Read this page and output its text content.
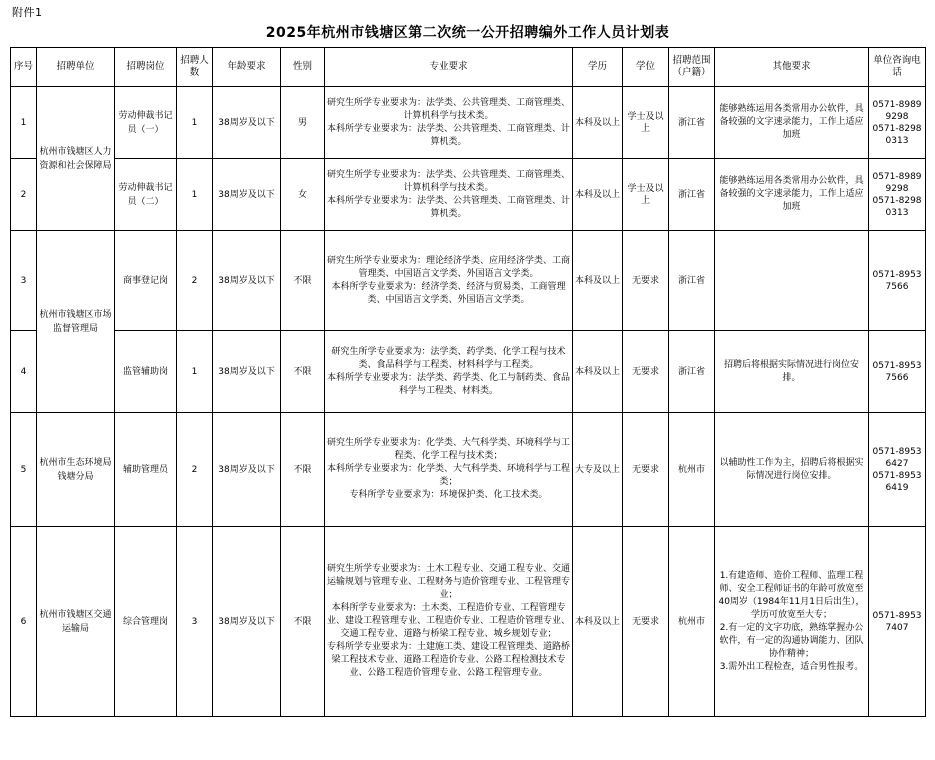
附件1
2025年杭州市钱塘区第二次统一公开招聘编外工作人员计划表
序号	招聘单位	招聘岗位	招聘人数	年龄要求	性别	专业要求	学历	学位	招聘范围（户籍）	其他要求	单位咨询电话
1	杭州市钱塘区人力资源和社会保障局	劳动伸裁书记员（一）	1	38周岁及以下	男	研究生所学专业要求为：法学类、公共管理类、工商管理类、计算机科学与技术类。
本科所学专业要求为：法学类、公共管理类、工商管理类、计算机类。	本科及以上	学士及以上	浙江省	能够熟练运用各类常用办公软件，具备较强的文字速录能力，工作上适应加班	0571-89899298
0571-82980313
2		劳动伸裁书记员（二）	1	38周岁及以下	女	研究生所学专业要求为：法学类、公共管理类、工商管理类、计算机科学与技术类。
本科所学专业要求为：法学类、公共管理类、工商管理类、计算机类。	本科及以上	学士及以上	浙江省	能够熟练运用各类常用办公软件，具备较强的文字速录能力，工作上适应加班	0571-89899298
0571-82980313
3	杭州市钱塘区市场监督管理局	商事登记岗	2	38周岁及以下	不限	研究生所学专业要求为：理论经济学类、应用经济学类、工商管理类、中国语言文学类、外国语言文学类。
本科所学专业要求为：经济学类、经济与贸易类、工商管理类、中国语言文学类、外国语言文学类。	本科及以上	无要求	浙江省		0571-89537566
4		监管辅助岗	1	38周岁及以下	不限	研究生所学专业要求为：法学类、药学类、化学工程与技术类、食品科学与工程类、材料科学与工程类。
本科所学专业要求为：法学类、药学类、化工与制药类、食品科学与工程类、材料类。	本科及以上	无要求	浙江省	招聘后将根据实际情况进行岗位安排。	0571-89537566
5	杭州市生态环境局钱塘分局	辅助管理员	2	38周岁及以下	不限	研究生所学专业要求为：化学类、大气科学类、环境科学与工程类、化学工程与技术类；
本科所学专业要求为：化学类、大气科学类、环境科学与工程类；
专科所学专业要求为：环境保护类、化工技术类。	大专及以上	无要求	杭州市	以辅助性工作为主，招聘后将根据实际情况进行岗位安排。	0571-89536427
0571-89536419
6	杭州市钱塘区交通运输局	综合管理岗	3	38周岁及以下	不限	研究生所学专业要求为：土木工程专业、交通工程专业、交通运输规划与管理专业、工程财务与造价管理专业、工程管理专业；
本科所学专业要求为：土木类、工程造价专业、工程管理专业、建设工程管理专业、工程造价专业、工程造价管理专业、交通工程专业、道路与桥梁工程专业、城乡规划专业；
专科所学专业要求为：土建施工类、建设工程管理类、道路桥梁工程技术专业、道路工程造价专业、公路工程检测技术专业、公路工程造价管理专业、公路工程管理专业。	本科及以上	无要求	杭州市	1.有建造师、造价工程师、监理工程师、安全工程师证书的年龄可放宽至40周岁（1984年11月1日后出生），学历可放宽至大专；
2.有一定的文字功底，熟练掌握办公软件，有一定的沟通协调能力、团队协作精神；
3.需外出工程检查，适合男性报考。	0571-89537407
